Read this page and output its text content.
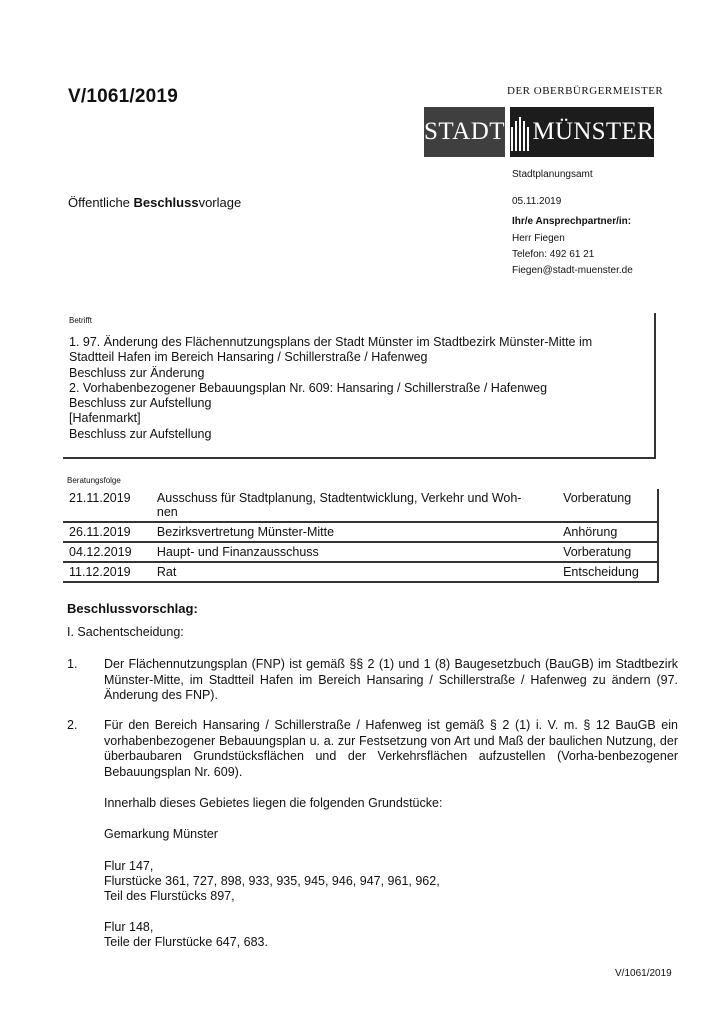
V/1061/2019	DER OBERBÜRGERMEISTER
STADT MÜNSTER
Stadtplanungsamt
05.11.2019
Ihr/e Ansprechpartner/in:
Herr Fiegen
Telefon: 492 61 21
Fiegen@stadt-muenster.de
Öffentliche Beschlussvorlage
Betrifft
1. 97. Änderung des Flächennutzungsplans der Stadt Münster im Stadtbezirk Münster-Mitte im
Stadtteil Hafen im Bereich Hansaring / Schillerstraße / Hafenweg
Beschluss zur Änderung
2. Vorhabenbezogener Bebauungsplan Nr. 609: Hansaring / Schillerstraße / Hafenweg
Beschluss zur Aufstellung
[Hafenmarkt]
Beschluss zur Aufstellung
Beratungsfolge
21.11.2019	Ausschuss für Stadtplanung, Stadtentwicklung, Verkehr und Woh-
nen	Vorberatung
26.11.2019	Bezirksvertretung Münster-Mitte	Anhörung
04.12.2019	Haupt- und Finanzausschuss	Vorberatung
11.12.2019	Rat	Entscheidung
Beschlussvorschlag:
I. Sachentscheidung:
1. Der Flächennutzungsplan (FNP) ist gemäß §§ 2 (1) und 1 (8) Baugesetzbuch (BauGB) im Stadtbezirk Münster-Mitte, im Stadtteil Hafen im Bereich Hansaring / Schillerstraße / Hafenweg zu ändern (97. Änderung des FNP).
2. Für den Bereich Hansaring / Schillerstraße / Hafenweg ist gemäß § 2 (1) i. V. m. § 12 BauGB ein vorhabenbezogener Bebauungsplan u. a. zur Festsetzung von Art und Maß der baulichen Nutzung, der überbaubaren Grundstücksflächen und der Verkehrsflächen aufzustellen (Vorha-benbezogener Bebauungsplan Nr. 609).
Innerhalb dieses Gebietes liegen die folgenden Grundstücke:
Gemarkung Münster
Flur 147,
Flurstücke 361, 727, 898, 933, 935, 945, 946, 947, 961, 962,
Teil des Flurstücks 897,
Flur 148,
Teile der Flurstücke 647, 683.
V/1061/2019
